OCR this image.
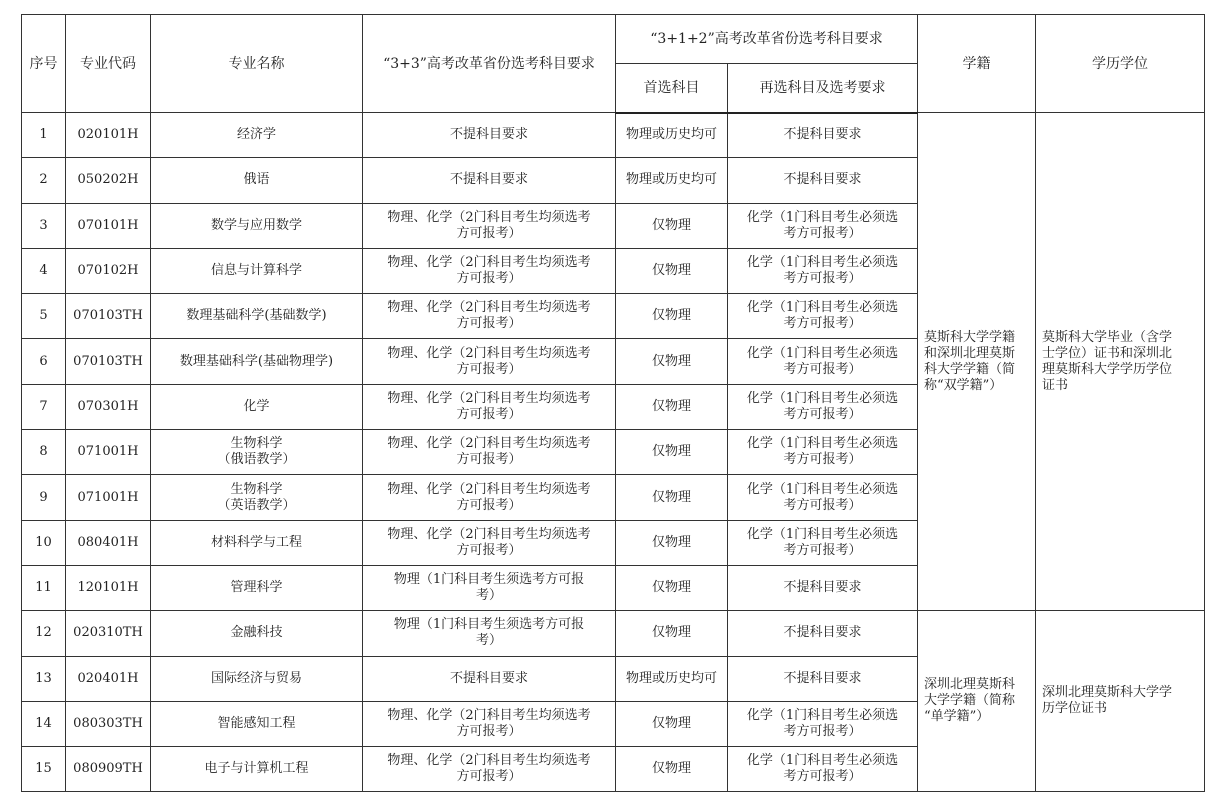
序号	专业代码	专业名称	“3+3”高考改革省份选考科目要求	“3+1+2”高考改革省份选考科目要求		学籍	学历学位
				首选科目	再选科目及选考要求		
1	020101H	经济学	不提科目要求	物理或历史均可	不提科目要求	莫斯科大学学籍
和深圳北理莫斯
科大学学籍（简
称“双学籍”）	莫斯科大学毕业（含学
士学位）证书和深圳北
理莫斯科大学学历学位
证书
2	050202H	俄语	不提科目要求	物理或历史均可	不提科目要求		
3	070101H	数学与应用数学	物理、化学（2门科目考生均须选考
方可报考）	仅物理	化学（1门科目考生必须选
考方可报考）		
4	070102H	信息与计算科学	物理、化学（2门科目考生均须选考
方可报考）	仅物理	化学（1门科目考生必须选
考方可报考）		
5	070103TH	数理基础科学(基础数学)	物理、化学（2门科目考生均须选考
方可报考）	仅物理	化学（1门科目考生必须选
考方可报考）		
6	070103TH	数理基础科学(基础物理学)	物理、化学（2门科目考生均须选考
方可报考）	仅物理	化学（1门科目考生必须选
考方可报考）		
7	070301H	化学	物理、化学（2门科目考生均须选考
方可报考）	仅物理	化学（1门科目考生必须选
考方可报考）		
8	071001H	生物科学
（俄语教学）	物理、化学（2门科目考生均须选考
方可报考）	仅物理	化学（1门科目考生必须选
考方可报考）		
9	071001H	生物科学
（英语教学）	物理、化学（2门科目考生均须选考
方可报考）	仅物理	化学（1门科目考生必须选
考方可报考）		
10	080401H	材料科学与工程	物理、化学（2门科目考生均须选考
方可报考）	仅物理	化学（1门科目考生必须选
考方可报考）		
11	120101H	管理科学	物理（1门科目考生须选考方可报
考）	仅物理	不提科目要求		
12	020310TH	金融科技	物理（1门科目考生须选考方可报
考）	仅物理	不提科目要求	深圳北理莫斯科
大学学籍（简称
“单学籍”）	深圳北理莫斯科大学学
历学位证书
13	020401H	国际经济与贸易	不提科目要求	物理或历史均可	不提科目要求		
14	080303TH	智能感知工程	物理、化学（2门科目考生均须选考
方可报考）	仅物理	化学（1门科目考生必须选
考方可报考）		
15	080909TH	电子与计算机工程	物理、化学（2门科目考生均须选考
方可报考）	仅物理	化学（1门科目考生必须选
考方可报考）		
